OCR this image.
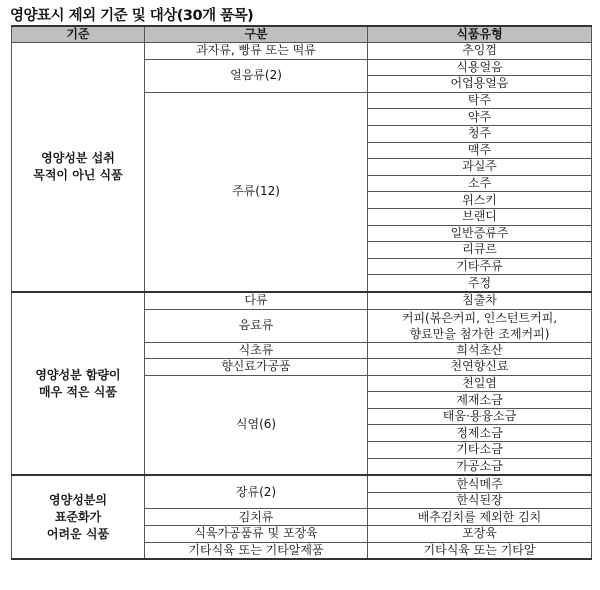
영양표시 제외 기준 및 대상(30개 품목)
기준	구분	식품유형
영양성분 섭취
목적이 아닌 식품	과자류, 빵류 또는 떡류	추잉껌
	얼음류(2)	식용얼음
		어업용얼음
	주류(12)	탁주
		약주
		청주
		맥주
		과실주
		소주
		위스키
		브랜디
		일반증류주
		리큐르
		기타주류
		주정
영양성분 함량이
매우 적은 식품	다류	침출차
	음료류	커피(볶은커피, 인스턴트커피,
향료만을 첨가한 조제커피)
	식초류	희석초산
	향신료가공품	천연향신료
	식염(6)	천일염
		제재소금
		태움·용융소금
		정제소금
		기타소금
		가공소금
영양성분의
표준화가
어려운 식품	장류(2)	한식메주
		한식된장
	김치류	배추김치를 제외한 김치
	식육가공품류 및 포장육	포장육
	기타식육 또는 기타알제품	기타식육 또는 기타알
